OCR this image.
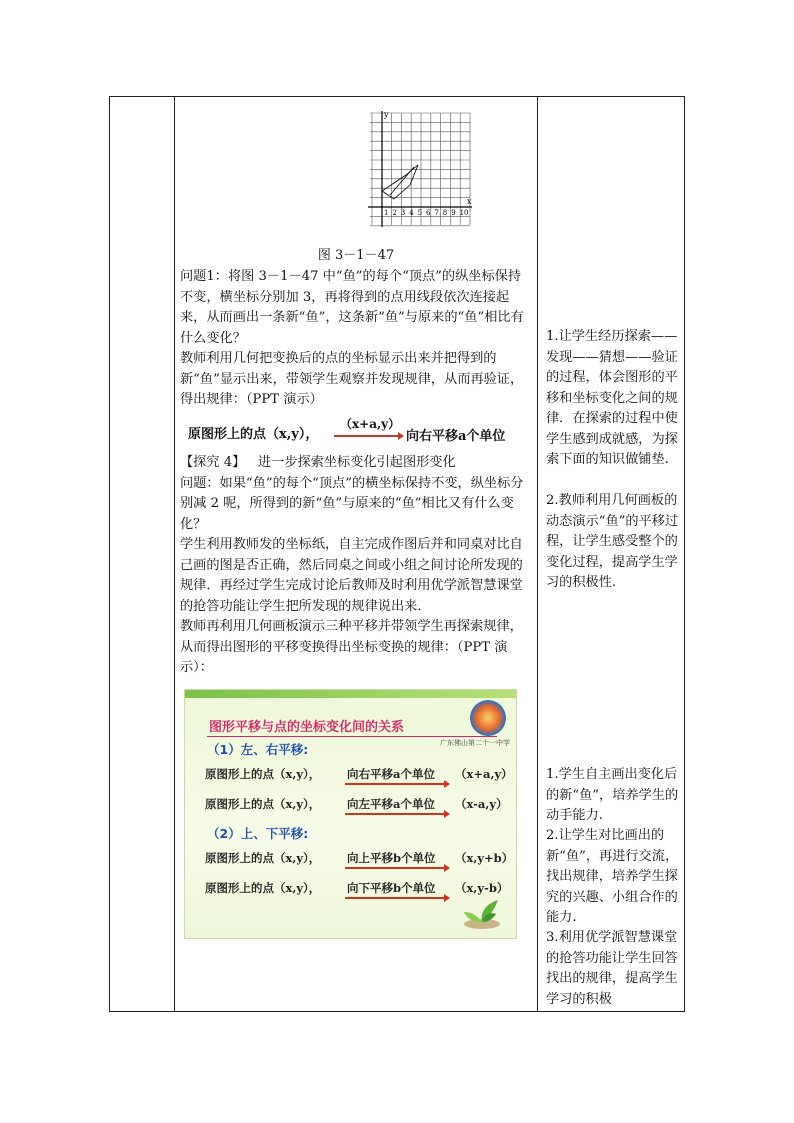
y
x
1 2 3 4 5 6 7 8 9 10
图 3－1－47

问题1：将图 3－1－47 中“鱼”的每个“顶点”的纵坐标保持不变，横坐标分别加 3，再将得到的点用线段依次连接起来，从而画出一条新“鱼”，这条新“鱼”与原来的“鱼”相比有什么变化？

教师利用几何把变换后的点的坐标显示出来并把得到的新“鱼”显示出来，带领学生观察并发现规律，从而再验证，得出规律：（PPT 演示）

原图形上的点（x,y），
（x+a,y）
向右平移a个单位

【探究 4】 进一步探索坐标变化引起图形变化

问题：如果“鱼”的每个“顶点”的横坐标保持不变，纵坐标分别减 2 呢，所得到的新“鱼”与原来的“鱼”相比又有什么变化？

学生利用教师发的坐标纸，自主完成作图后并和同桌对比自己画的图是否正确，然后同桌之间或小组之间讨论所发现的规律．再经过学生完成讨论后教师及时利用优学派智慧课堂的抢答功能让学生把所发现的规律说出来．

教师再利用几何画板演示三种平移并带领学生再探索规律，从而得出图形的平移变换得出坐标变换的规律：（PPT 演示）：

广东佛山第二十一中学
图形平移与点的坐标变化间的关系
（1）左、右平移:
原图形上的点（x,y）， 向右平移a个单位 （x+a,y）
原图形上的点（x,y）， 向左平移a个单位 （x-a,y）
（2）上、下平移:
原图形上的点（x,y）， 向上平移b个单位 （x,y+b）
原图形上的点（x,y）， 向下平移b个单位 （x,y-b）
1.让学生经历探索——发现——猜想——验证的过程，体会图形的平移和坐标变化之间的规律．在探索的过程中使学生感到成就感，为探索下面的知识做铺垫.
2.教师利用几何画板的动态演示“鱼”的平移过程，让学生感受整个的变化过程，提高学生学习的积极性.
1.学生自主画出变化后的新“鱼”，培养学生的动手能力.
2.让学生对比画出的新“鱼”，再进行交流，找出规律，培养学生探究的兴趣、小组合作的能力.
3.利用优学派智慧课堂的抢答功能让学生回答找出的规律，提高学生学习的积极
